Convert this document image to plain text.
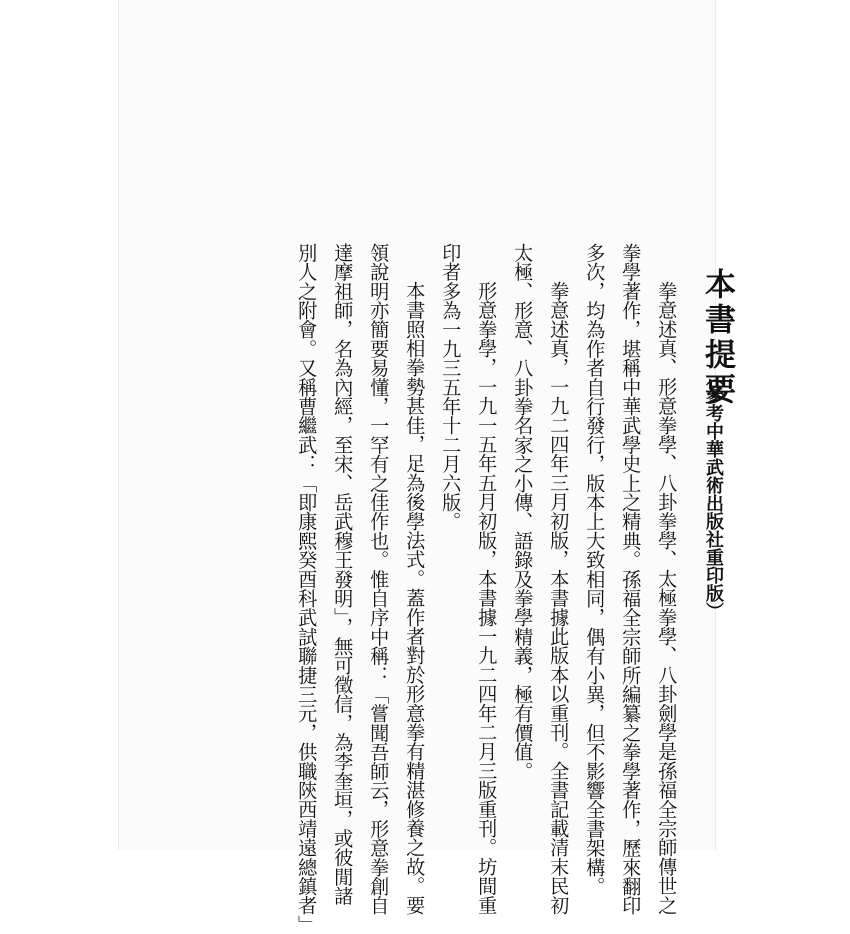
本書提要
（參考中華武術出版社重印版）
拳意述真、形意拳學、八卦拳學、太極拳學、八卦劍學是孫福全宗師傳世之
拳學著作，堪稱中華武學史上之精典。孫福全宗師所編纂之拳學著作，歷來翻印
多次，均為作者自行發行，版本上大致相同，偶有小異，但不影響全書架構。
拳意述真，一九二四年三月初版，本書據此版本以重刊。全書記載清末民初
太極、形意、八卦拳名家之小傳、語錄及拳學精義，極有價值。
形意拳學，一九一五年五月初版，本書據一九二四年二月三版重刊。坊間重
印者多為一九三五年十二月六版。
本書照相拳勢甚佳，足為後學法式。蓋作者對於形意拳有精湛修養之故。要
領說明亦簡要易懂，一罕有之佳作也。惟自序中稱：「嘗聞吾師云，形意拳創自
達摩祖師，名為內經，至宋、岳武穆王發明」，無可徵信，為李奎垣，或彼閒諸
別人之附會。又稱曹繼武：「即康熙癸酉科武試聯捷三元，供職陝西靖遠總鎮者」
